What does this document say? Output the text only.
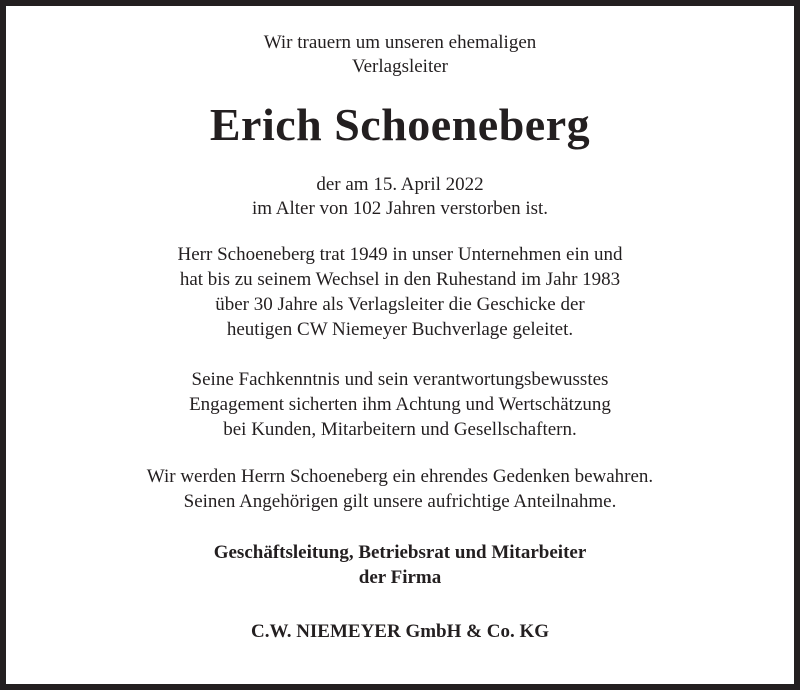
Wir trauern um unseren ehemaligen
Verlagsleiter
Erich Schoeneberg
der am 15. April 2022
im Alter von 102 Jahren verstorben ist.
Herr Schoeneberg trat 1949 in unser Unternehmen ein und
hat bis zu seinem Wechsel in den Ruhestand im Jahr 1983
über 30 Jahre als Verlagsleiter die Geschicke der
heutigen CW Niemeyer Buchverlage geleitet.
Seine Fachkenntnis und sein verantwortungsbewusstes
Engagement sicherten ihm Achtung und Wertschätzung
bei Kunden, Mitarbeitern und Gesellschaftern.
Wir werden Herrn Schoeneberg ein ehrendes Gedenken bewahren.
Seinen Angehörigen gilt unsere aufrichtige Anteilnahme.
Geschäftsleitung, Betriebsrat und Mitarbeiter
der Firma
C.W. NIEMEYER GmbH & Co. KG
